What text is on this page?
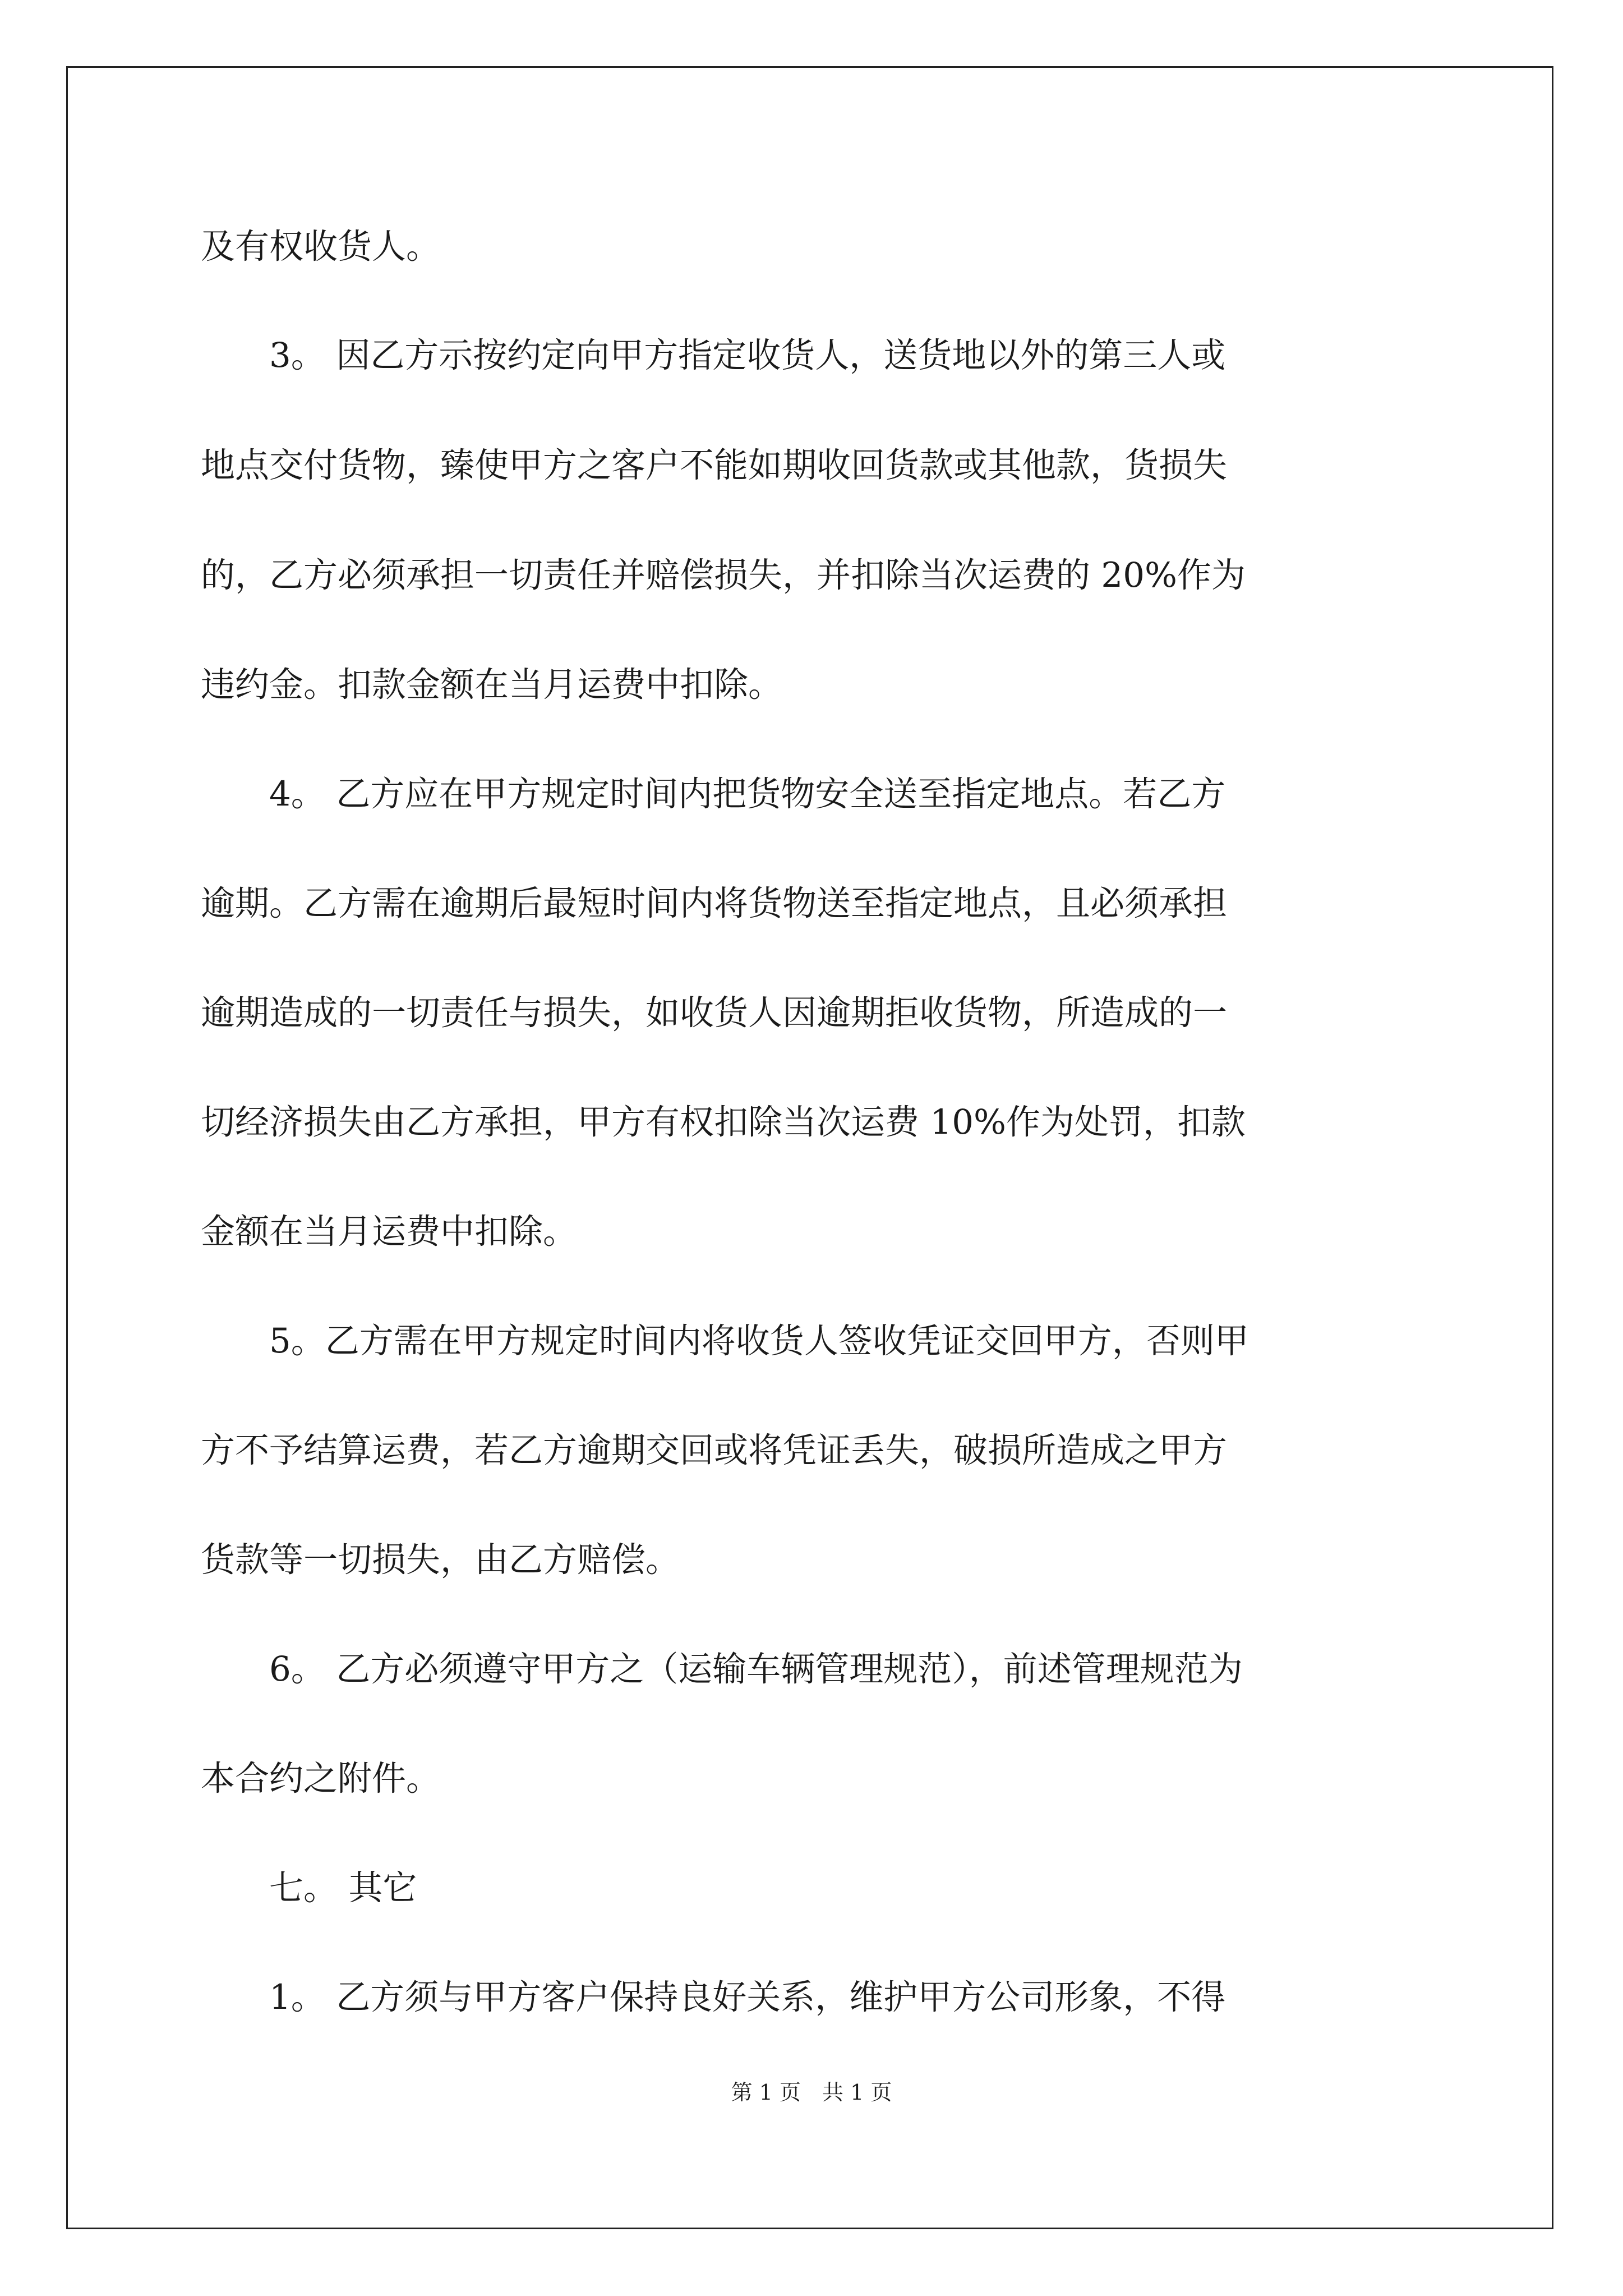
及有权收货人。
　　3。 因乙方示按约定向甲方指定收货人，送货地以外的第三人或
地点交付货物，臻使甲方之客户不能如期收回货款或其他款，货损失
的，乙方必须承担一切责任并赔偿损失，并扣除当次运费的 20%作为
违约金。扣款金额在当月运费中扣除。
　　4。 乙方应在甲方规定时间内把货物安全送至指定地点。若乙方
逾期。乙方需在逾期后最短时间内将货物送至指定地点，且必须承担
逾期造成的一切责任与损失，如收货人因逾期拒收货物，所造成的一
切经济损失由乙方承担，甲方有权扣除当次运费 10%作为处罚，扣款
金额在当月运费中扣除。
　　5。乙方需在甲方规定时间内将收货人签收凭证交回甲方，否则甲
方不予结算运费，若乙方逾期交回或将凭证丢失，破损所造成之甲方
货款等一切损失，由乙方赔偿。
　　6。 乙方必须遵守甲方之（运输车辆管理规范），前述管理规范为
本合约之附件。
　　七。 其它
　　1。 乙方须与甲方客户保持良好关系，维护甲方公司形象，不得
第 1 页　共 1 页
